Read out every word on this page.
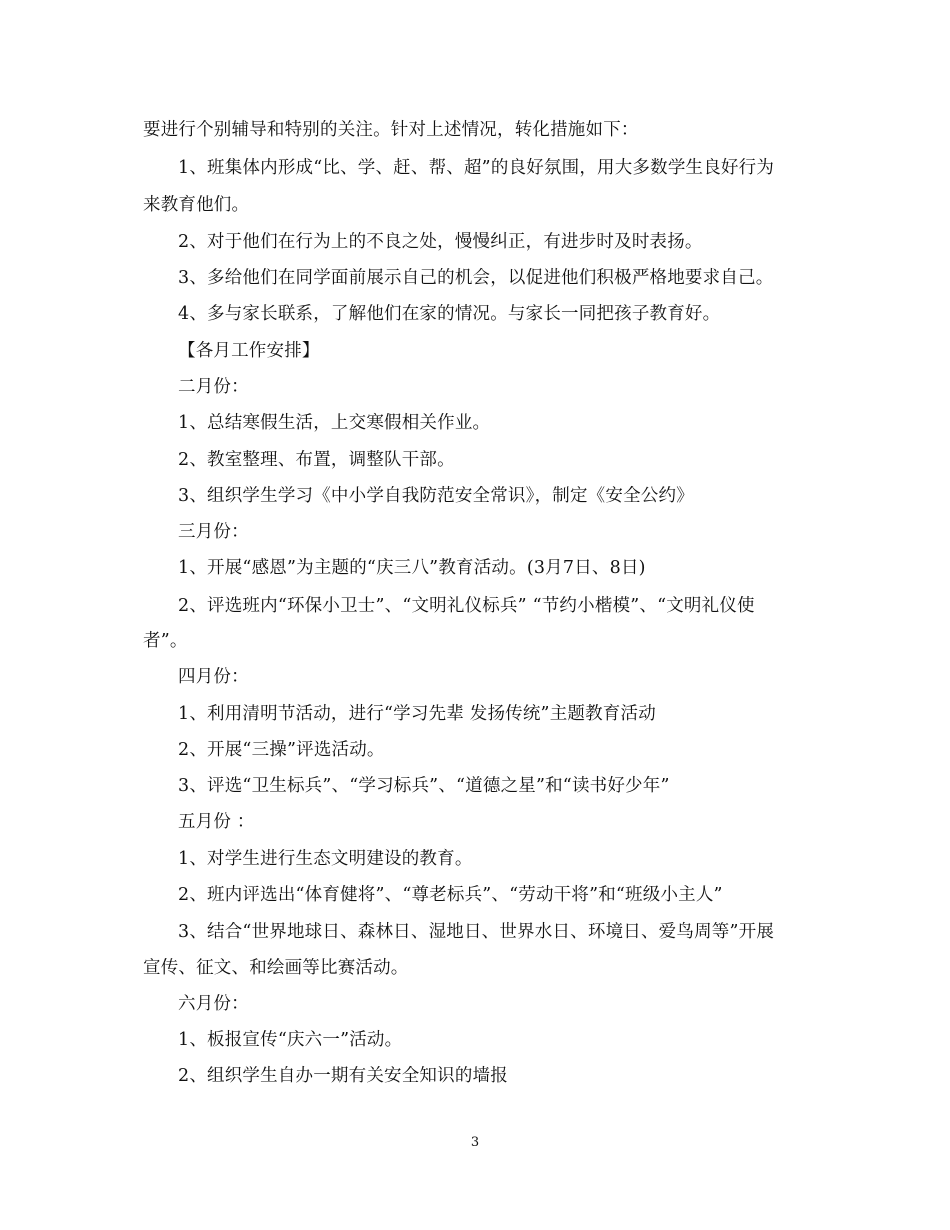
要进行个别辅导和特别的关注。针对上述情况，转化措施如下：
1、班集体内形成“比、学、赶、帮、超”的良好氛围，用大多数学生良好行为
来教育他们。
2、对于他们在行为上的不良之处，慢慢纠正，有进步时及时表扬。
3、多给他们在同学面前展示自己的机会，以促进他们积极严格地要求自己。
4、多与家长联系，了解他们在家的情况。与家长一同把孩子教育好。
【各月工作安排】
二月份：
1、总结寒假生活，上交寒假相关作业。
2、教室整理、布置，调整队干部。
3、组织学生学习《中小学自我防范安全常识》，制定《安全公约》
三月份：
1、开展“感恩”为主题的“庆三八”教育活动。(3月7日、8日)
2、评选班内“环保小卫士”、“文明礼仪标兵” “节约小楷模”、“文明礼仪使
者”。
四月份：
1、利用清明节活动，进行“学习先辈 发扬传统”主题教育活动
2、开展“三操”评选活动。
3、评选“卫生标兵”、“学习标兵”、“道德之星”和“读书好少年”
五月份 ：
1、对学生进行生态文明建设的教育。
2、班内评选出“体育健将”、“尊老标兵”、“劳动干将”和“班级小主人”
3、结合“世界地球日、森林日、湿地日、世界水日、环境日、爱鸟周等”开展
宣传、征文、和绘画等比赛活动。
六月份：
1、板报宣传“庆六一”活动。
2、组织学生自办一期有关安全知识的墙报
3
